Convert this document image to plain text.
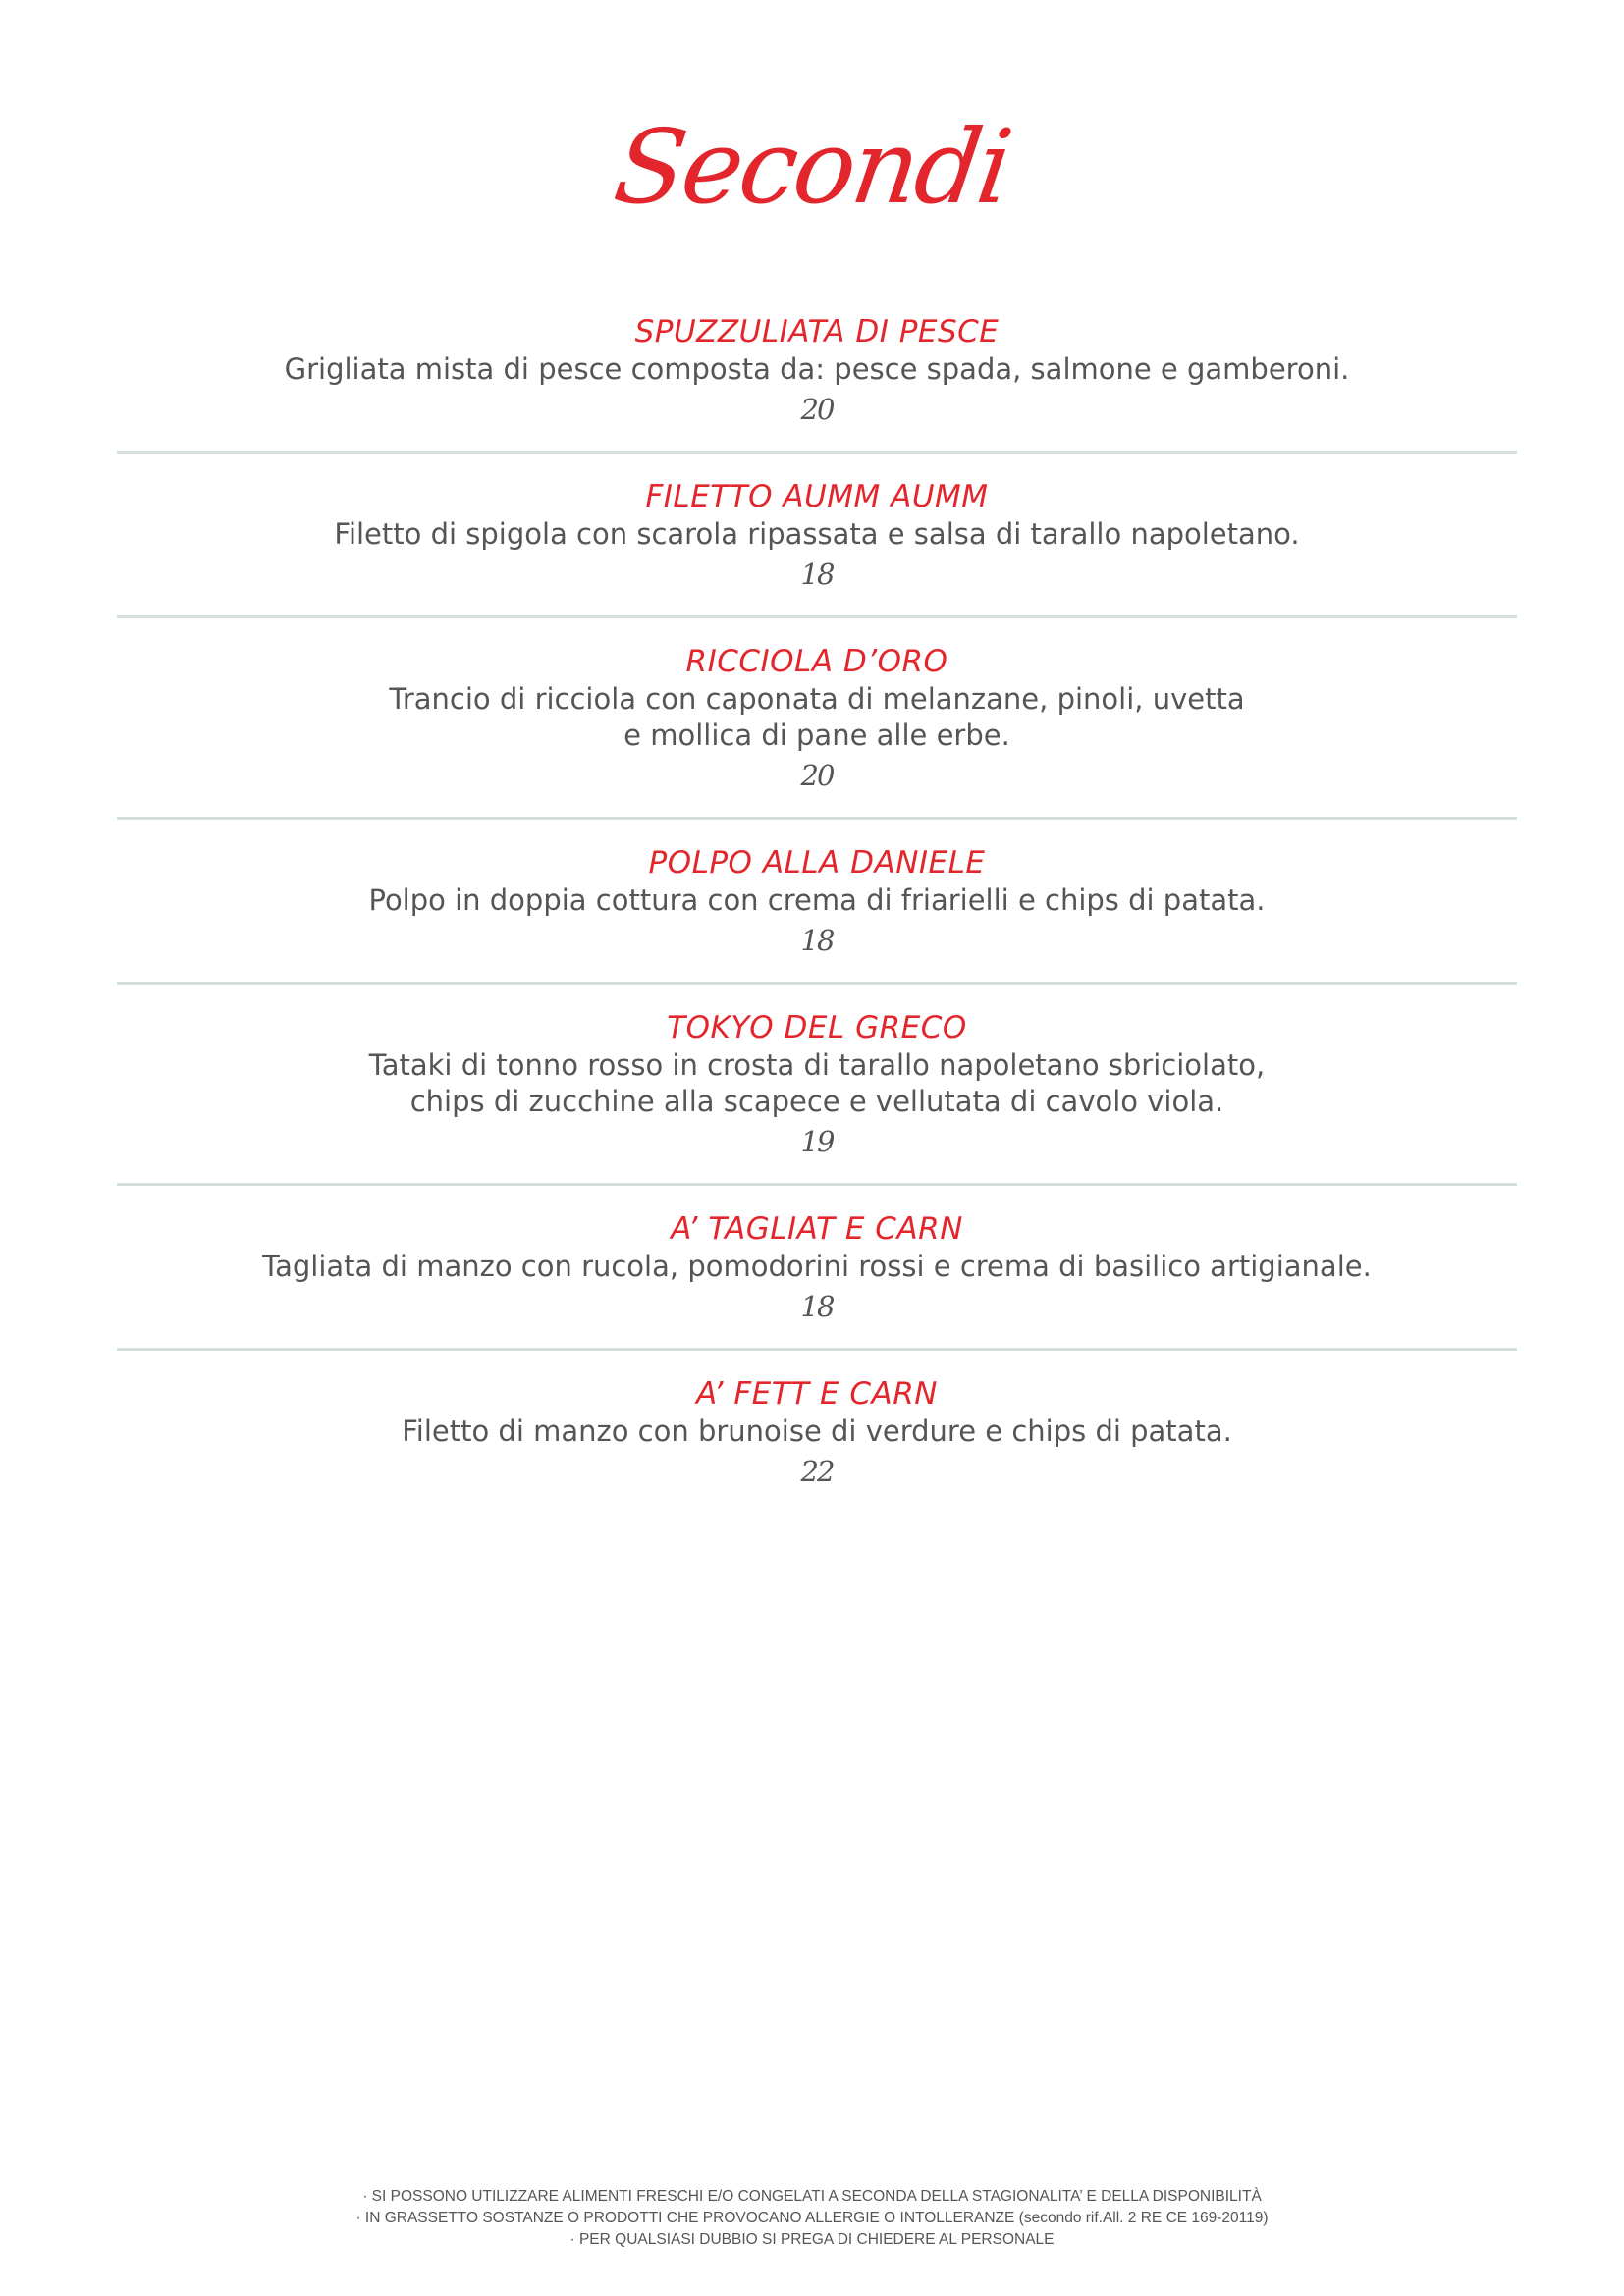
Secondi
SPUZZULIATA DI PESCE
Grigliata mista di pesce composta da: pesce spada, salmone e gamberoni.
20
FILETTO AUMM AUMM
Filetto di spigola con scarola ripassata e salsa di tarallo napoletano.
18
RICCIOLA D’ORO
Trancio di ricciola con caponata di melanzane, pinoli, uvetta
e mollica di pane alle erbe.
20
POLPO ALLA DANIELE
Polpo in doppia cottura con crema di friarielli e chips di patata.
18
TOKYO DEL GRECO
Tataki di tonno rosso in crosta di tarallo napoletano sbriciolato,
chips di zucchine alla scapece e vellutata di cavolo viola.
19
A’ TAGLIAT E CARN
Tagliata di manzo con rucola, pomodorini rossi e crema di basilico artigianale.
18
A’ FETT E CARN
Filetto di manzo con brunoise di verdure e chips di patata.
22
· SI POSSONO UTILIZZARE ALIMENTI FRESCHI E/O CONGELATI A SECONDA DELLA STAGIONALITA’ E DELLA DISPONIBILITÀ
· IN GRASSETTO SOSTANZE O PRODOTTI CHE PROVOCANO ALLERGIE O INTOLLERANZE (secondo rif.All. 2 RE CE 169-20119)
· PER QUALSIASI DUBBIO SI PREGA DI CHIEDERE AL PERSONALE
